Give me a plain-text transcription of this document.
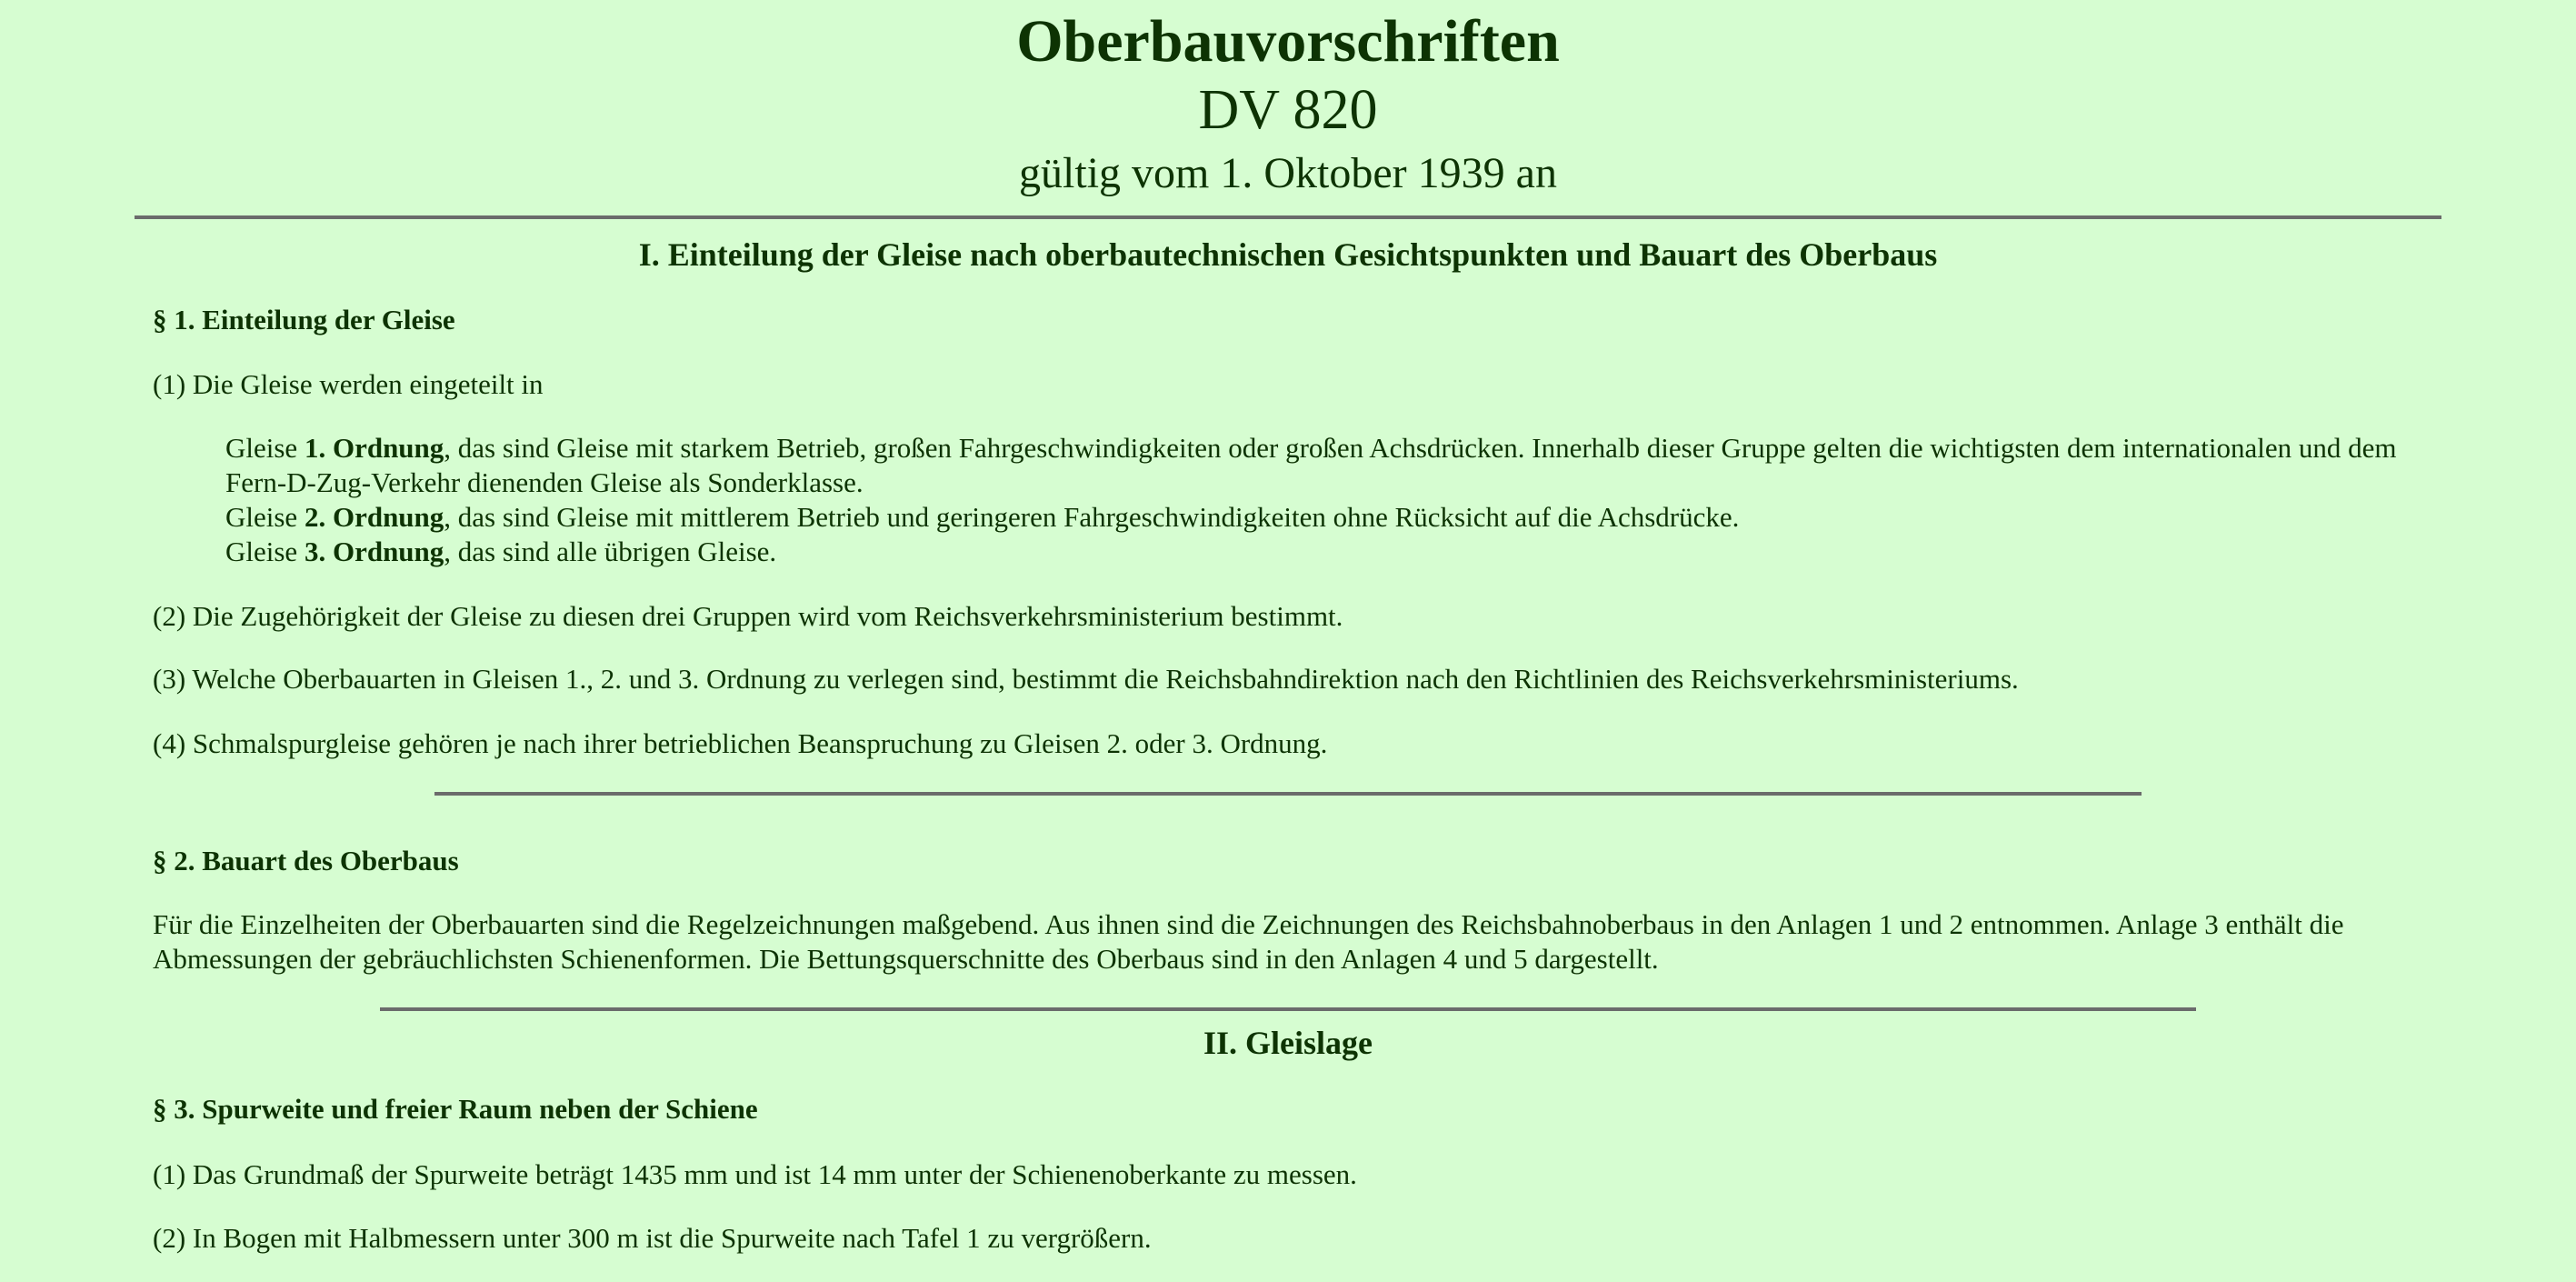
Oberbauvorschriften
DV 820
gültig vom 1. Oktober 1939 an
I. Einteilung der Gleise nach oberbautechnischen Gesichtspunkten und Bauart des Oberbaus
§ 1. Einteilung der Gleise
(1) Die Gleise werden eingeteilt in
Gleise 1. Ordnung, das sind Gleise mit starkem Betrieb, großen Fahrgeschwindigkeiten oder großen Achsdrücken. Innerhalb dieser Gruppe gelten die wichtigsten dem internationalen und dem Fern-D-Zug-Verkehr dienenden Gleise als Sonderklasse.
Gleise 2. Ordnung, das sind Gleise mit mittlerem Betrieb und geringeren Fahrgeschwindigkeiten ohne Rücksicht auf die Achsdrücke.
Gleise 3. Ordnung, das sind alle übrigen Gleise.
(2) Die Zugehörigkeit der Gleise zu diesen drei Gruppen wird vom Reichsverkehrsministerium bestimmt.
(3) Welche Oberbauarten in Gleisen 1., 2. und 3. Ordnung zu verlegen sind, bestimmt die Reichsbahndirektion nach den Richtlinien des Reichsverkehrsministeriums.
(4) Schmalspurgleise gehören je nach ihrer betrieblichen Beanspruchung zu Gleisen 2. oder 3. Ordnung.
§ 2. Bauart des Oberbaus
Für die Einzelheiten der Oberbauarten sind die Regelzeichnungen maßgebend. Aus ihnen sind die Zeichnungen des Reichsbahnoberbaus in den Anlagen 1 und 2 entnommen. Anlage 3 enthält die Abmessungen der gebräuchlichsten Schienenformen. Die Bettungsquerschnitte des Oberbaus sind in den Anlagen 4 und 5 dargestellt.
II. Gleislage
§ 3. Spurweite und freier Raum neben der Schiene
(1) Das Grundmaß der Spurweite beträgt 1435 mm und ist 14 mm unter der Schienenoberkante zu messen.
(2) In Bogen mit Halbmessern unter 300 m ist die Spurweite nach Tafel 1 zu vergrößern.
